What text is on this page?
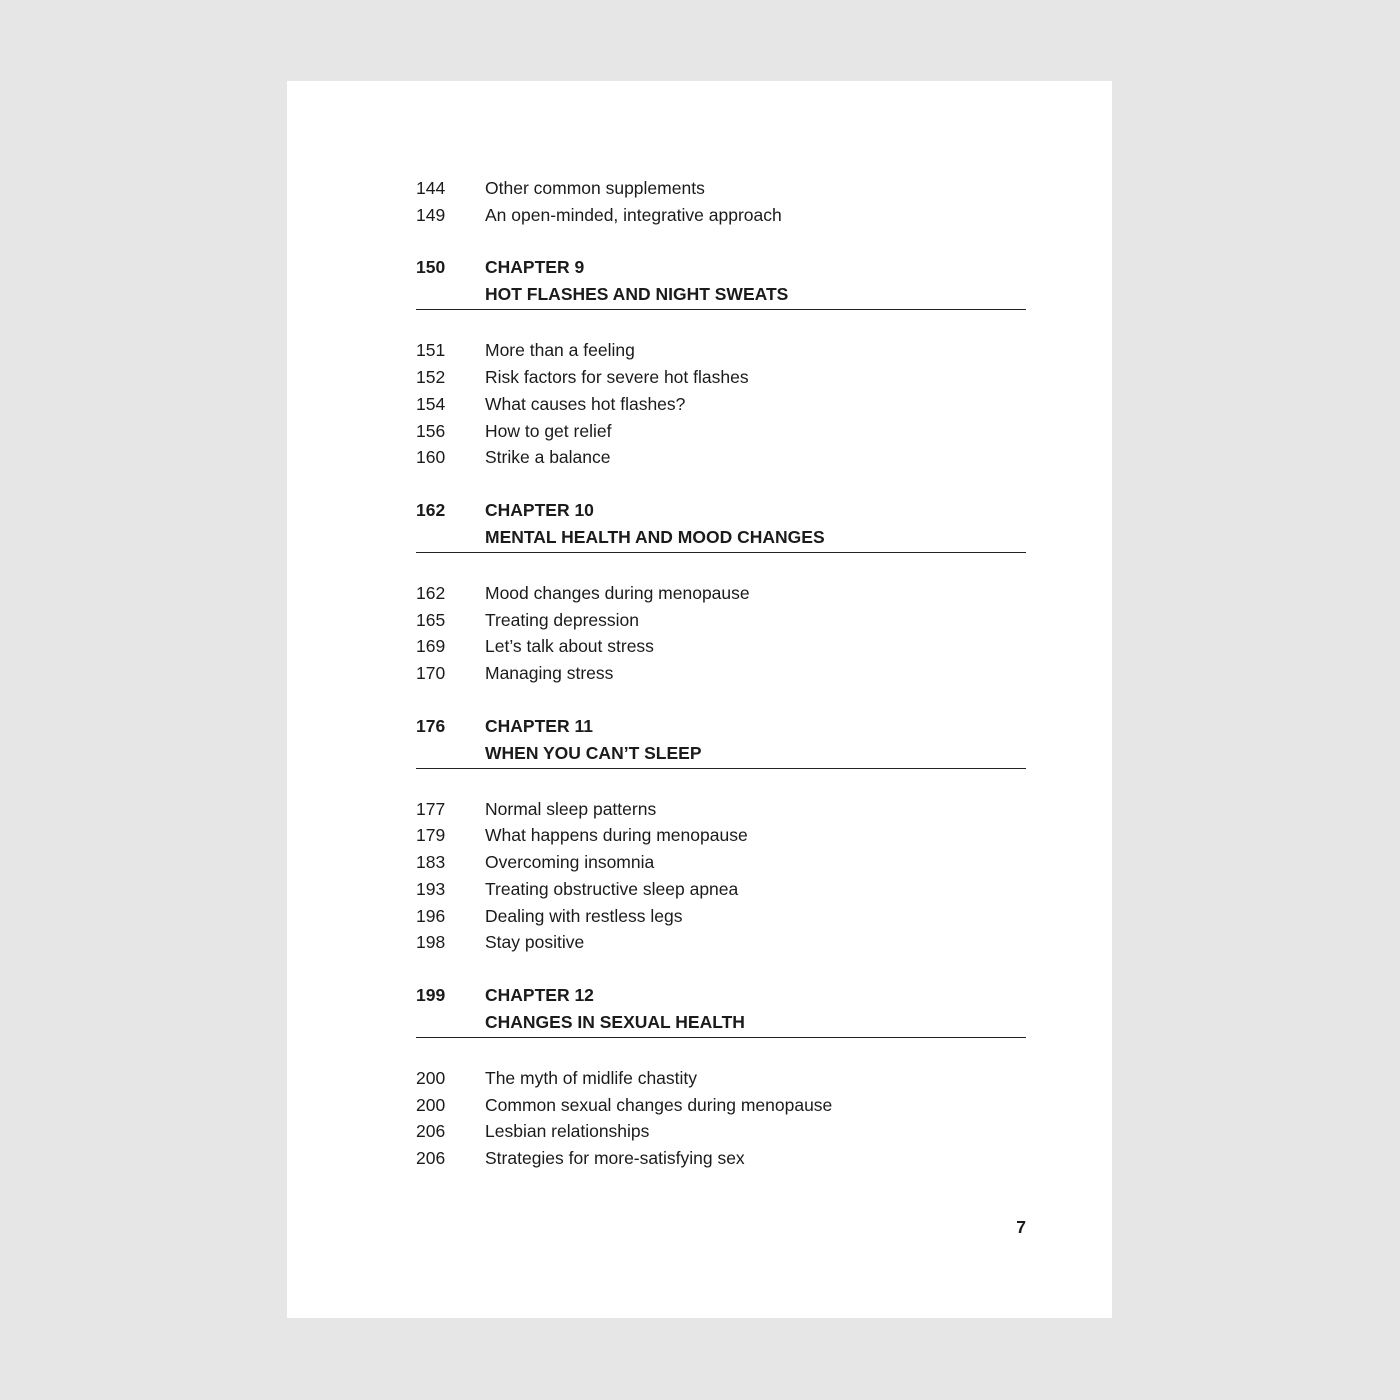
144	Other common supplements
149	An open-minded, integrative approach
150	CHAPTER 9
HOT FLASHES AND NIGHT SWEATS
151	More than a feeling
152	Risk factors for severe hot flashes
154	What causes hot flashes?
156	How to get relief
160	Strike a balance
162	CHAPTER 10
MENTAL HEALTH AND MOOD CHANGES
162	Mood changes during menopause
165	Treating depression
169	Let’s talk about stress
170	Managing stress
176	CHAPTER 11
WHEN YOU CAN’T SLEEP
177	Normal sleep patterns
179	What happens during menopause
183	Overcoming insomnia
193	Treating obstructive sleep apnea
196	Dealing with restless legs
198	Stay positive
199	CHAPTER 12
CHANGES IN SEXUAL HEALTH
200	The myth of midlife chastity
200	Common sexual changes during menopause
206	Lesbian relationships
206	Strategies for more-satisfying sex
7
